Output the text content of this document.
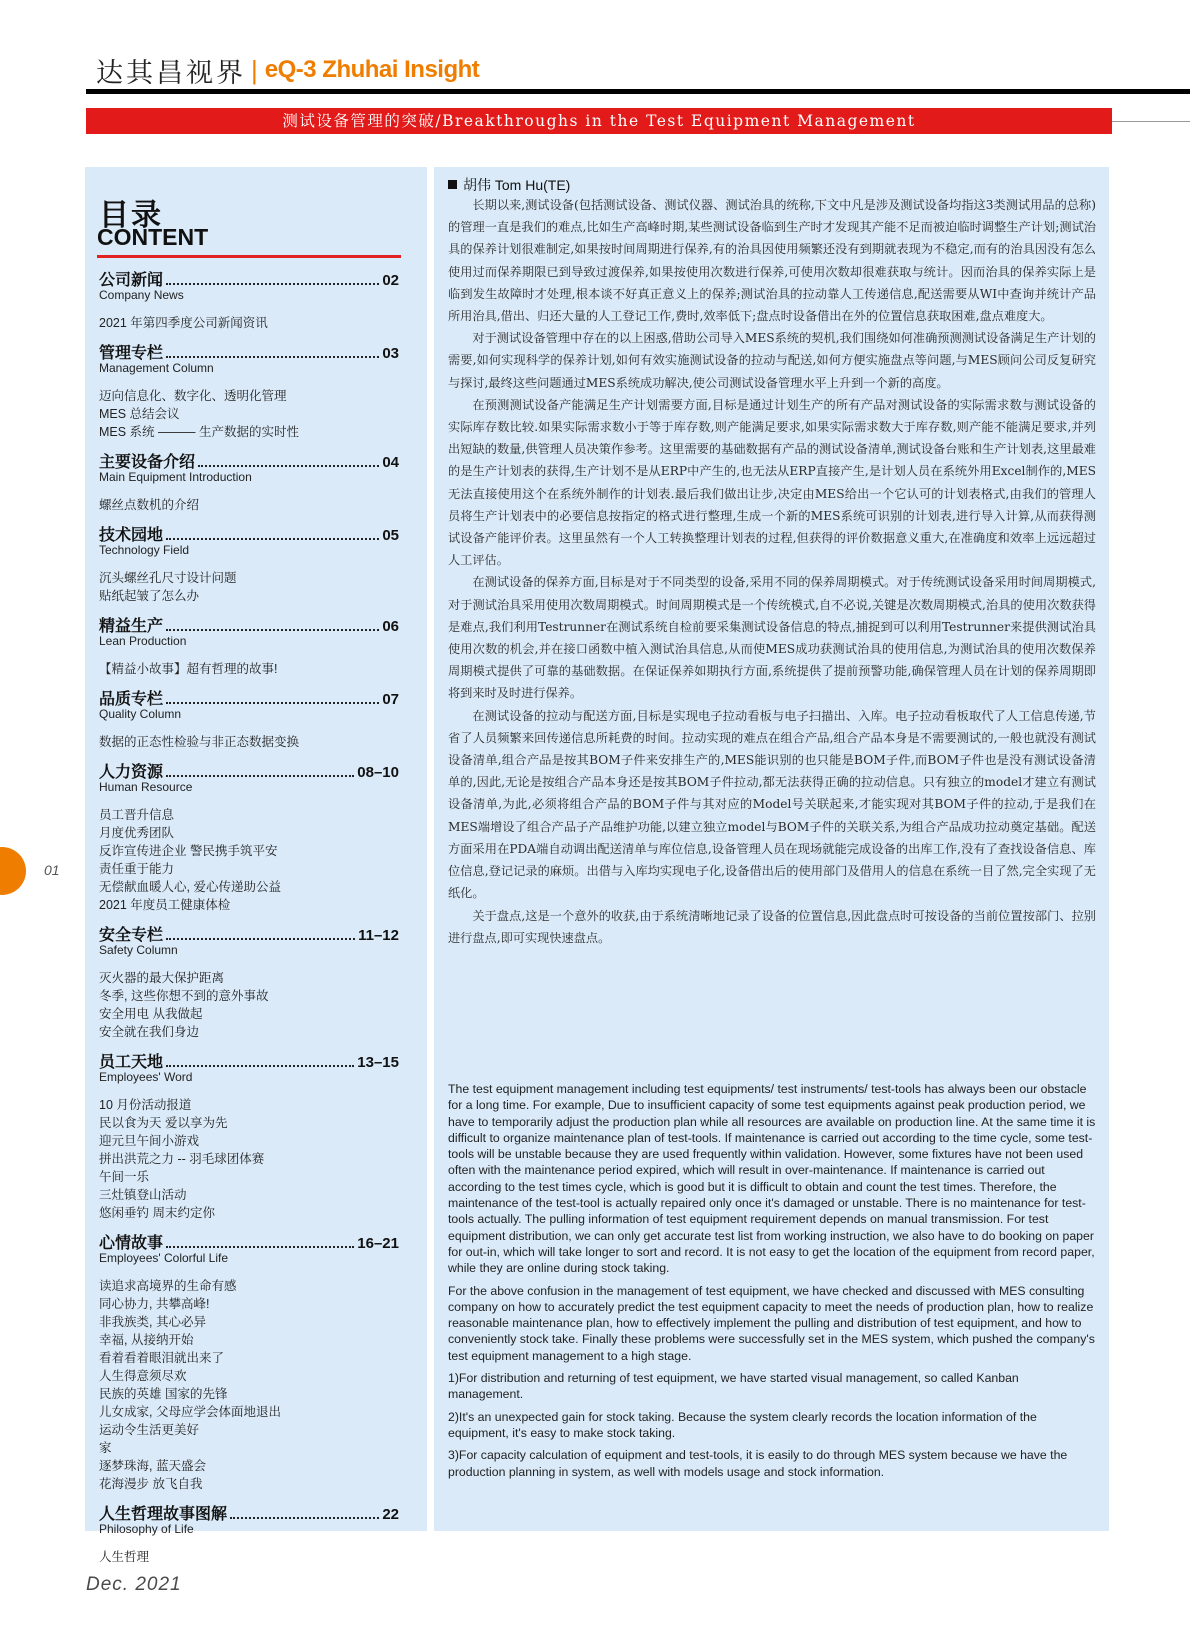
达其昌视界 | eQ-3 Zhuhai Insight
测试设备管理的突破/Breakthroughs in the Test Equipment Management
目录
CONTENT
公司新闻	02
Company News
2021 年第四季度公司新闻资讯
管理专栏	03
Management Column
迈向信息化、数字化、透明化管理
MES 总结会议
MES 系统 ——— 生产数据的实时性
主要设备介绍	04
Main Equipment Introduction
螺丝点数机的介绍
技术园地	05
Technology Field
沉头螺丝孔尺寸设计问题
贴纸起皱了怎么办
精益生产	06
Lean Production
【精益小故事】超有哲理的故事!
品质专栏	07
Quality Column
数据的正态性检验与非正态数据变换
人力资源	08–10
Human Resource
员工晋升信息
月度优秀团队
反诈宣传进企业 警民携手筑平安
责任重于能力
无偿献血暖人心, 爱心传递助公益
2021 年度员工健康体检
安全专栏	11–12
Safety Column
灭火器的最大保护距离
冬季, 这些你想不到的意外事故
安全用电 从我做起
安全就在我们身边
员工天地	13–15
Employees' Word
10 月份活动报道
民以食为天 爱以享为先
迎元旦午间小游戏
拼出洪荒之力 -- 羽毛球团体赛
午间一乐
三灶镇登山活动
悠闲垂钓 周末约定你
心情故事	16–21
Employees' Colorful Life
读追求高境界的生命有感
同心协力, 共攀高峰!
非我族类, 其心必异
幸福, 从接纳开始
看着看着眼泪就出来了
人生得意须尽欢
民族的英雄 国家的先锋
儿女成家, 父母应学会体面地退出
运动令生活更美好
家
逐梦珠海, 蓝天盛会
花海漫步 放飞自我
人生哲理故事图解	22
Philosophy of Life
人生哲理
胡伟 Tom Hu(TE)

长期以来,测试设备(包括测试设备、测试仪器、测试治具的统称,下文中凡是涉及测试设备均指这3类测试用品的总称)的管理一直是我们的难点,比如生产高峰时期,某些测试设备临到生产时才发现其产能不足而被迫临时调整生产计划;测试治具的保养计划很难制定,如果按时间周期进行保养,有的治具因使用频繁还没有到期就表现为不稳定,而有的治具因没有怎么使用过而保养期限已到导致过渡保养,如果按使用次数进行保养,可使用次数却很难获取与统计。因而治具的保养实际上是临到发生故障时才处理,根本谈不好真正意义上的保养;测试治具的拉动靠人工传递信息,配送需要从WI中查询并统计产品所用治具,借出、归还大量的人工登记工作,费时,效率低下;盘点时设备借出在外的位置信息获取困难,盘点难度大。

对于测试设备管理中存在的以上困惑,借助公司导入MES系统的契机,我们围绕如何准确预测测试设备满足生产计划的需要,如何实现科学的保养计划,如何有效实施测试设备的拉动与配送,如何方便实施盘点等问题,与MES顾问公司反复研究与探讨,最终这些问题通过MES系统成功解决,使公司测试设备管理水平上升到一个新的高度。

在预测测试设备产能满足生产计划需要方面,目标是通过计划生产的所有产品对测试设备的实际需求数与测试设备的实际库存数比较.如果实际需求数小于等于库存数,则产能满足要求,如果实际需求数大于库存数,则产能不能满足要求,并列出短缺的数量,供管理人员决策作参考。这里需要的基础数据有产品的测试设备清单,测试设备台账和生产计划表,这里最难的是生产计划表的获得,生产计划不是从ERP中产生的,也无法从ERP直接产生,是计划人员在系统外用Excel制作的,MES无法直接使用这个在系统外制作的计划表.最后我们做出让步,决定由MES给出一个它认可的计划表格式,由我们的管理人员将生产计划表中的必要信息按指定的格式进行整理,生成一个新的MES系统可识别的计划表,进行导入计算,从而获得测试设备产能评价表。这里虽然有一个人工转换整理计划表的过程,但获得的评价数据意义重大,在准确度和效率上远远超过人工评估。

在测试设备的保养方面,目标是对于不同类型的设备,采用不同的保养周期模式。对于传统测试设备采用时间周期模式,对于测试治具采用使用次数周期模式。时间周期模式是一个传统模式,自不必说,关键是次数周期模式,治具的使用次数获得是难点,我们利用Testrunner在测试系统自检前要采集测试设备信息的特点,捕捉到可以利用Testrunner来提供测试治具使用次数的机会,并在接口函数中植入测试治具信息,从而使MES成功获测试治具的使用信息,为测试治具的使用次数保养周期模式提供了可靠的基础数据。在保证保养如期执行方面,系统提供了提前预警功能,确保管理人员在计划的保养周期即将到来时及时进行保养。

在测试设备的拉动与配送方面,目标是实现电子拉动看板与电子扫描出、入库。电子拉动看板取代了人工信息传递,节省了人员频繁来回传递信息所耗费的时间。拉动实现的难点在组合产品,组合产品本身是不需要测试的,一般也就没有测试设备清单,组合产品是按其BOM子件来安排生产的,MES能识别的也只能是BOM子件,而BOM子件也是没有测试设备清单的,因此,无论是按组合产品本身还是按其BOM子件拉动,都无法获得正确的拉动信息。只有独立的model才建立有测试设备清单,为此,必须将组合产品的BOM子件与其对应的Model号关联起来,才能实现对其BOM子件的拉动,于是我们在MES端增设了组合产品子产品维护功能,以建立独立model与BOM子件的关联关系,为组合产品成功拉动奠定基础。配送方面采用在PDA端自动调出配送清单与库位信息,设备管理人员在现场就能完成设备的出库工作,没有了查找设备信息、库位信息,登记记录的麻烦。出借与入库均实现电子化,设备借出后的使用部门及借用人的信息在系统一目了然,完全实现了无纸化。

关于盘点,这是一个意外的收获,由于系统清晰地记录了设备的位置信息,因此盘点时可按设备的当前位置按部门、拉别进行盘点,即可实现快速盘点。

The test equipment management including test equipments/ test instruments/ test-tools has always been our obstacle for a long time. For example, Due to insufficient capacity of some test equipments against peak production period, we have to temporarily adjust the production plan while all resources are available on production line. At the same time it is difficult to organize maintenance plan of test-tools. If maintenance is carried out according to the time cycle, some test-tools will be unstable because they are used frequently within validation. However, some fixtures have not been used often with the maintenance period expired, which will result in over-maintenance. If maintenance is carried out according to the test times cycle, which is good but it is difficult to obtain and count the test times. Therefore, the maintenance of the test-tool is actually repaired only once it's damaged or unstable. There is no maintenance for test-tools actually. The pulling information of test equipment requirement depends on manual transmission. For test equipment distribution, we can only get accurate test list from working instruction, we also have to do booking on paper for out-in, which will take longer to sort and record. It is not easy to get the location of the equipment from record paper, while they are online during stock taking.

For the above confusion in the management of test equipment, we have checked and discussed with MES consulting company on how to accurately predict the test equipment capacity to meet the needs of production plan, how to realize reasonable maintenance plan, how to effectively implement the pulling and distribution of test equipment, and how to conveniently stock take. Finally these problems were successfully set in the MES system, which pushed the company's test equipment management to a high stage.

1)For distribution and returning of test equipment, we have started visual management, so called Kanban management.

2)It's an unexpected gain for stock taking. Because the system clearly records the location information of the equipment, it's easy to make stock taking.

3)For capacity calculation of equipment and test-tools, it is easily to do through MES system because we have the production planning in system, as well with models usage and stock information.

01
Dec. 2021
